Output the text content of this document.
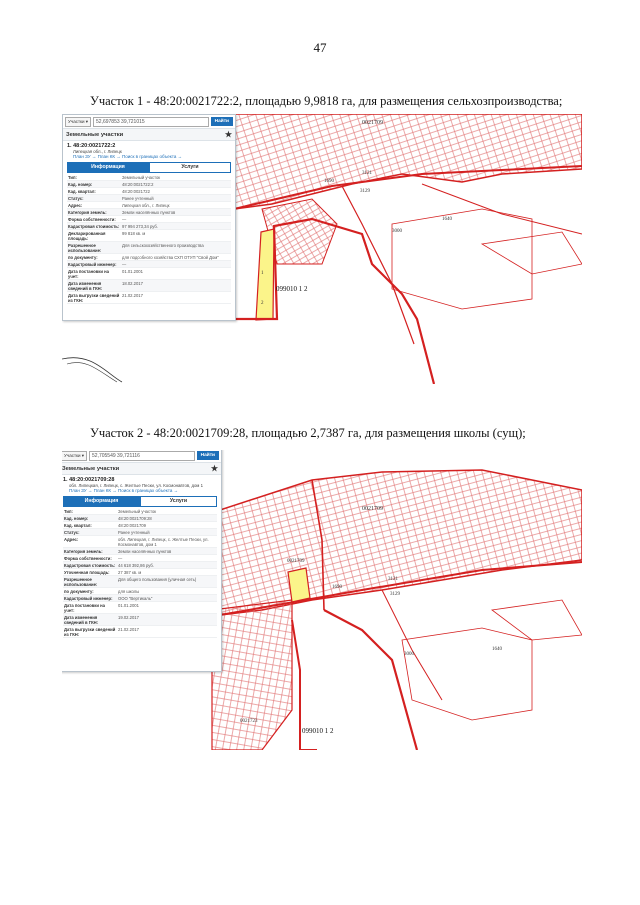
47

Участок 1 - 48:20:0021722:2, площадью 9,9818 га, для размещения сельхозпроизводства;

0021709
3121
3129
1690
1640
3000
1
2
099010 1 2
Участки ▾	52,697853 39,721015	Найти
Земельные участки	★
1. 48:20:0021722:2
Липецкая обл., г. Липецк
План ЗУ → План КК → Поиск в границах объекта →
Информация	Услуги
Тип:	Земельный участок
Кад. номер:	48:20:0021722:2
Кад. квартал:	48:20:0021722
Статус:	Ранее учтенный
Адрес:	Липецкая обл., г. Липецк
Категория земель:	Земли населённых пунктов
Форма собственности:	—
Кадастровая стоимость: 97 994 273,34 руб.
Декларированная площадь:
99 818 кв. м
Разрешенное использование:
Для сельскохозяйственного производства
по документу:	для подсобного хозяйства СХП ОТУП "Свой Дом"
Кадастровый инженер:	—
Дата постановки на учет:
01.01.2001
Дата изменения сведений в ГКН:
18.02.2017
Дата выгрузки сведений из ГКН:
21.02.2017

Участок 2 - 48:20:0021709:28, площадью 2,7387 га, для размещения школы (сущ);

0021709
0021709
3121
3129
1690
1640
3000
0021723
099010 1 2
Участки ▾	52,705549 39,721116	Найти
Земельные участки	★
1. 48:20:0021709:28
обл. Липецкая, г. Липецк, с. Желтые Пески, ул. Космонавтов, дом 1
План ЗУ → План КК → Поиск в границах объекта →
Информация	Услуги
Тип:	Земельный участок
Кад. номер:	48:20:0021709:28
Кад. квартал:	48:20:0021709
Статус:	Ранее учтенный
Адрес:	обл. Липецкая, г. Липецк, с. Желтые Пески, ул. Космонавтов, дом 1
Категория земель:	Земли населённых пунктов
Форма собственности:	—
Кадастровая стоимость: 44 618 392,86 руб.
Уточненная площадь:	27 387 кв. м
Разрешенное использование:
Для общего пользования (уличная сеть)
по документу:	для школы
Кадастровый инженер:	ООО "Вертикаль"
Дата постановки на учет:
01.01.2001
Дата изменения сведений в ГКН:
19.02.2017
Дата выгрузки сведений из ГКН:
21.02.2017
